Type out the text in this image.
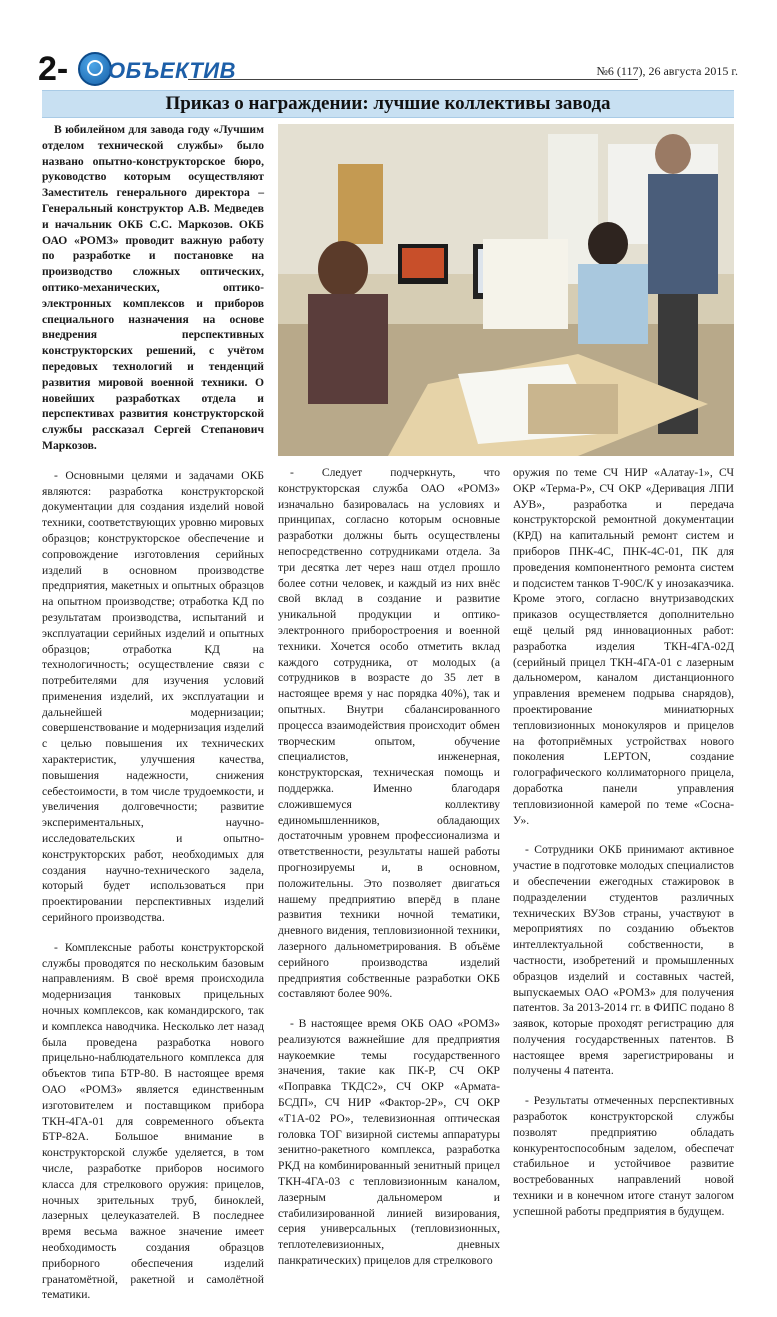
2- ОБЪЕКТИВ	№6 (117), 26 августа 2015 г.
Приказ о награждении: лучшие коллективы завода

В юбилейном для завода году «Лучшим отделом технической службы» было названо опытно-конструкторское бюро, руководство которым осуществляют Заместитель генерального директора – Генеральный конструктор А.В. Медведев и начальник ОКБ С.С. Маркозов. ОКБ ОАО «РОМЗ» проводит важную работу по разработке и постановке на производство сложных оптических, оптико-механических, оптико-электронных комплексов и приборов специального назначения на основе внедрения перспективных конструкторских решений, с учётом передовых технологий и тенденций развития мировой военной техники. О новейших разработках отдела и перспективах развития конструкторской службы рассказал Сергей Степанович Маркозов.

- Основными целями и задачами ОКБ являются: разработка конструкторской документации для создания изделий новой техники, соответствующих уровню мировых образцов; конструкторское обеспечение и сопровождение изготовления серийных изделий в основном производстве предприятия, макетных и опытных образцов на опытном производстве; отработка КД по результатам производства, испытаний и эксплуатации серийных изделий и опытных образцов; отработка КД на технологичность; осуществление связи с потребителями для изучения условий применения изделий, их эксплуатации и дальнейшей модернизации; совершенствование и модернизация изделий с целью повышения их технических характеристик, улучшения качества, повышения надежности, снижения себестоимости, в том числе трудоемкости, и увеличения долговечности; развитие экспериментальных, научно-исследовательских и опытно-конструкторских работ, необходимых для создания научно-технического задела, который будет использоваться при проектировании перспективных изделий серийного производства.

- Комплексные работы конструкторской службы проводятся по нескольким базовым направлениям. В своё время происходила модернизация танковых прицельных ночных комплексов, как командирского, так и комплекса наводчика. Несколько лет назад была проведена разработка нового прицельно-наблюдательного комплекса для объектов типа БТР-80. В настоящее время ОАО «РОМЗ» является единственным изготовителем и поставщиком прибора ТКН-4ГА-01 для современного объекта БТР-82А. Большое внимание в конструкторской службе уделяется, в том числе, разработке приборов носимого класса для стрелкового оружия: прицелов, ночных зрительных труб, биноклей, лазерных целеуказателей. В последнее время весьма важное значение имеет необходимость создания образцов приборного обеспечения изделий гранатомётной, ракетной и самолётной тематики.

- Следует подчеркнуть, что конструкторская служба ОАО «РОМЗ» изначально базировалась на условиях и принципах, согласно которым основные разработки должны быть осуществлены непосредственно сотрудниками отдела. За три десятка лет через наш отдел прошло более сотни человек, и каждый из них внёс свой вклад в создание и развитие уникальной продукции и оптико-электронного приборостроения и военной техники. Хочется особо отметить вклад каждого сотрудника, от молодых (а сотрудников в возрасте до 35 лет в настоящее время у нас порядка 40%), так и опытных. Внутри сбалансированного процесса взаимодействия происходит обмен творческим опытом, обучение специалистов, инженерная, конструкторская, техническая помощь и поддержка. Именно благодаря сложившемуся коллективу единомышленников, обладающих достаточным уровнем профессионализма и ответственности, результаты нашей работы прогнозируемы и, в основном, положительны. Это позволяет двигаться нашему предприятию вперёд в плане развития техники ночной тематики, дневного видения, тепловизионной техники, лазерного дальнометрирования. В объёме серийного производства изделий предприятия собственные разработки ОКБ составляют более 90%.

- В настоящее время ОКБ ОАО «РОМЗ» реализуются важнейшие для предприятия наукоемкие темы государственного значения, такие как ПК-Р, СЧ ОКР «Поправка ТКДС2», СЧ ОКР «Армата-БСДП», СЧ НИР «Фактор-2Р», СЧ ОКР «Т1А-02 РО», телевизионная оптическая головка ТОГ визирной системы аппаратуры зенитно-ракетного комплекса, разработка РКД на комбинированный зенитный прицел ТКН-4ГА-03 с тепловизионным каналом, лазерным дальномером и стабилизированной линией визирования, серия универсальных (тепловизионных, теплотелевизионных, дневных панкратических) прицелов для стрелкового

оружия по теме СЧ НИР «Алатау-1», СЧ ОКР «Терма-Р», СЧ ОКР «Деривация ЛПИ АУВ», разработка и передача конструкторской ремонтной документации (КРД) на капитальный ремонт систем и приборов ПНК-4С, ПНК-4С-01, ПК для проведения компонентного ремонта систем и подсистем танков Т-90С/К у инозаказчика. Кроме этого, согласно внутризаводских приказов осуществляется дополнительно ещё целый ряд инновационных работ: разработка изделия ТКН-4ГА-02Д (серийный прицел ТКН-4ГА-01 с лазерным дальномером, каналом дистанционного управления временем подрыва снарядов), проектирование миниатюрных тепловизионных монокуляров и прицелов на фотоприёмных устройствах нового поколения LEPTON, создание голографического коллиматорного прицела, доработка панели управления тепловизионной камерой по теме «Сосна-У».

- Сотрудники ОКБ принимают активное участие в подготовке молодых специалистов и обеспечении ежегодных стажировок в подразделении студентов различных технических ВУЗов страны, участвуют в мероприятиях по созданию объектов интеллектуальной собственности, в частности, изобретений и промышленных образцов изделий и составных частей, выпускаемых ОАО «РОМЗ» для получения патентов. За 2013-2014 гг. в ФИПС подано 8 заявок, которые проходят регистрацию для получения государственных патентов. В настоящее время зарегистрированы и получены 4 патента.

- Результаты отмеченных перспективных разработок конструкторской службы позволят предприятию обладать конкурентоспособным заделом, обеспечат стабильное и устойчивое развитие востребованных направлений новой техники и в конечном итоге станут залогом успешной работы предприятия в будущем.
